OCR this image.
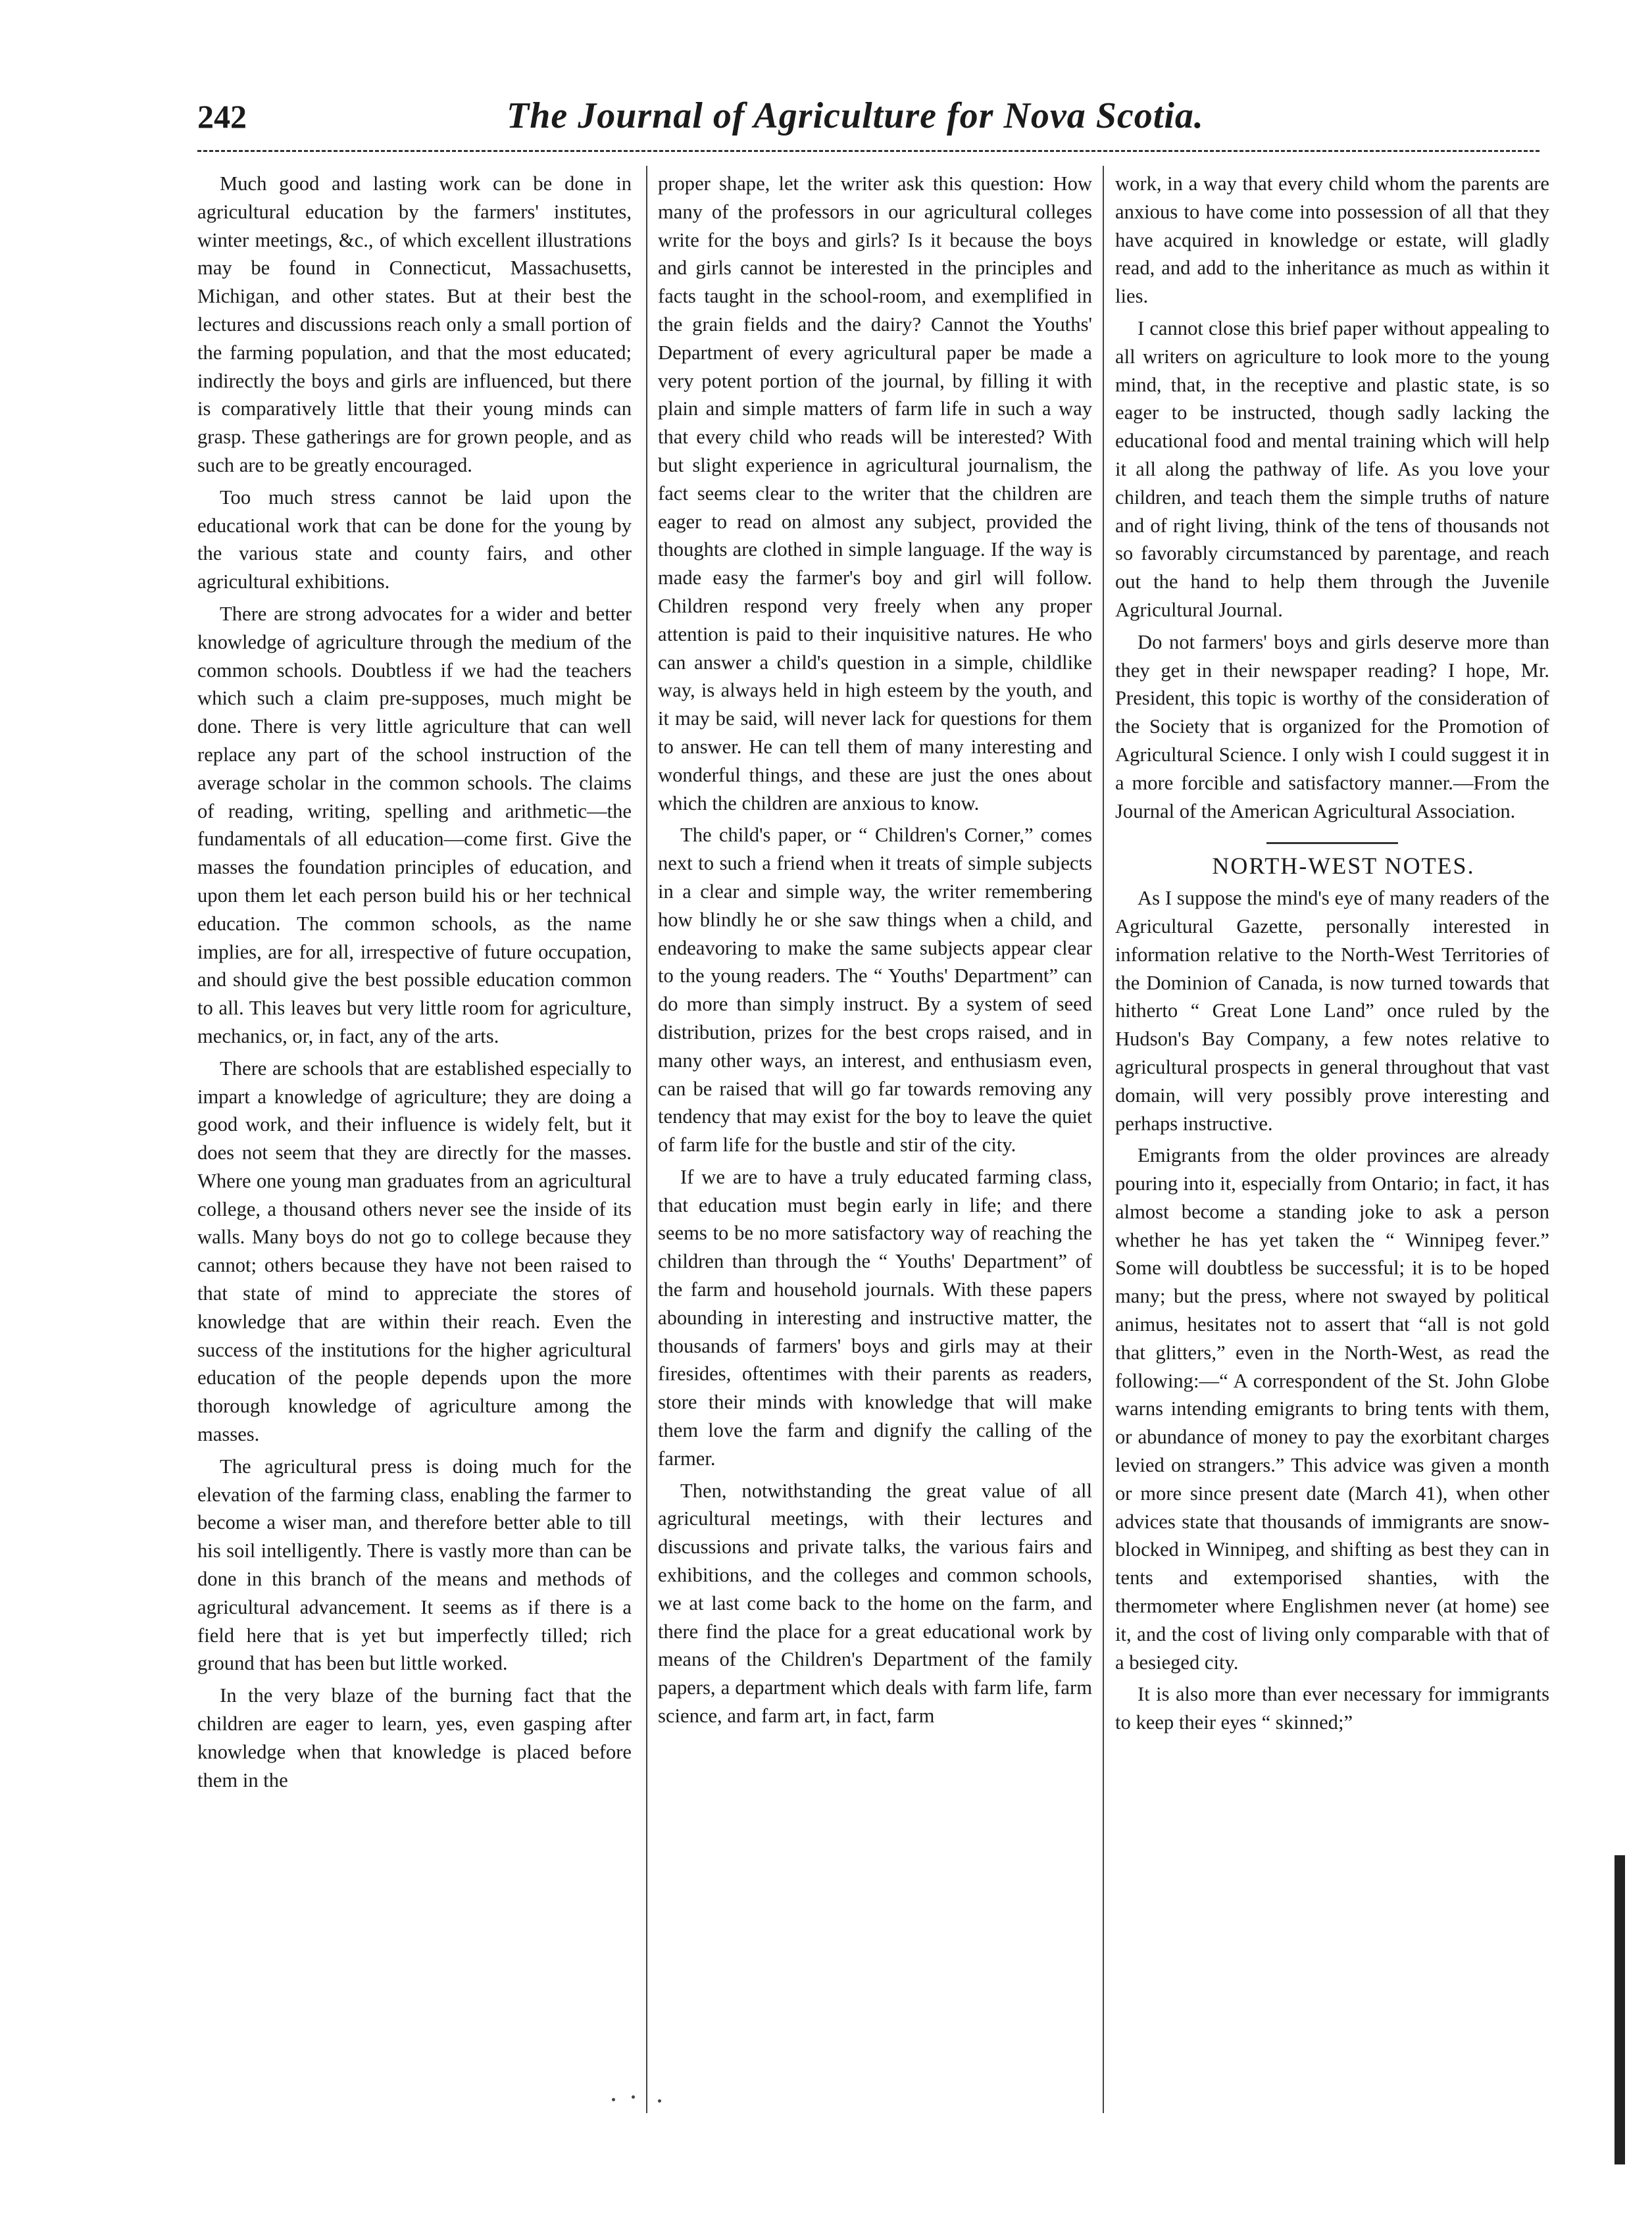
242	The Journal of Agriculture for Nova Scotia.

Much good and lasting work can be done in agricultural education by the farmers' institutes, winter meetings, &c., of which excellent illustrations may be found in Connecticut, Massachusetts, Michigan, and other states. But at their best the lectures and discussions reach only a small portion of the farming population, and that the most educated; indirectly the boys and girls are influenced, but there is comparatively little that their young minds can grasp. These gatherings are for grown people, and as such are to be greatly encouraged.

Too much stress cannot be laid upon the educational work that can be done for the young by the various state and county fairs, and other agricultural exhibitions.

There are strong advocates for a wider and better knowledge of agriculture through the medium of the common schools. Doubtless if we had the teachers which such a claim pre-supposes, much might be done. There is very little agriculture that can well replace any part of the school instruction of the average scholar in the common schools. The claims of reading, writing, spelling and arithmetic—the fundamentals of all education—come first. Give the masses the foundation principles of education, and upon them let each person build his or her technical education. The common schools, as the name implies, are for all, irrespective of future occupation, and should give the best possible education common to all. This leaves but very little room for agriculture, mechanics, or, in fact, any of the arts.

There are schools that are established especially to impart a knowledge of agriculture; they are doing a good work, and their influence is widely felt, but it does not seem that they are directly for the masses. Where one young man graduates from an agricultural college, a thousand others never see the inside of its walls. Many boys do not go to college because they cannot; others because they have not been raised to that state of mind to appreciate the stores of knowledge that are within their reach. Even the success of the institutions for the higher agricultural education of the people depends upon the more thorough knowledge of agriculture among the masses.

The agricultural press is doing much for the elevation of the farming class, enabling the farmer to become a wiser man, and therefore better able to till his soil intelligently. There is vastly more than can be done in this branch of the means and methods of agricultural advancement. It seems as if there is a field here that is yet but imperfectly tilled; rich ground that has been but little worked.

In the very blaze of the burning fact that the children are eager to learn, yes, even gasping after knowledge when that knowledge is placed before them in the

proper shape, let the writer ask this question: How many of the professors in our agricultural colleges write for the boys and girls? Is it because the boys and girls cannot be interested in the principles and facts taught in the school-room, and exemplified in the grain fields and the dairy? Cannot the Youths' Department of every agricultural paper be made a very potent portion of the journal, by filling it with plain and simple matters of farm life in such a way that every child who reads will be interested? With but slight experience in agricultural journalism, the fact seems clear to the writer that the children are eager to read on almost any subject, provided the thoughts are clothed in simple language. If the way is made easy the farmer's boy and girl will follow. Children respond very freely when any proper attention is paid to their inquisitive natures. He who can answer a child's question in a simple, childlike way, is always held in high esteem by the youth, and it may be said, will never lack for questions for them to answer. He can tell them of many interesting and wonderful things, and these are just the ones about which the children are anxious to know.

The child's paper, or “ Children's Corner,” comes next to such a friend when it treats of simple subjects in a clear and simple way, the writer remembering how blindly he or she saw things when a child, and endeavoring to make the same subjects appear clear to the young readers. The “ Youths' Department” can do more than simply instruct. By a system of seed distribution, prizes for the best crops raised, and in many other ways, an interest, and enthusiasm even, can be raised that will go far towards removing any tendency that may exist for the boy to leave the quiet of farm life for the bustle and stir of the city.

If we are to have a truly educated farming class, that education must begin early in life; and there seems to be no more satisfactory way of reaching the children than through the “ Youths' Department” of the farm and household journals. With these papers abounding in interesting and instructive matter, the thousands of farmers' boys and girls may at their firesides, oftentimes with their parents as readers, store their minds with knowledge that will make them love the farm and dignify the calling of the farmer.

Then, notwithstanding the great value of all agricultural meetings, with their lectures and discussions and private talks, the various fairs and exhibitions, and the colleges and common schools, we at last come back to the home on the farm, and there find the place for a great educational work by means of the Children's Department of the family papers, a department which deals with farm life, farm science, and farm art, in fact, farm

work, in a way that every child whom the parents are anxious to have come into possession of all that they have acquired in knowledge or estate, will gladly read, and add to the inheritance as much as within it lies.

I cannot close this brief paper without appealing to all writers on agriculture to look more to the young mind, that, in the receptive and plastic state, is so eager to be instructed, though sadly lacking the educational food and mental training which will help it all along the pathway of life. As you love your children, and teach them the simple truths of nature and of right living, think of the tens of thousands not so favorably circumstanced by parentage, and reach out the hand to help them through the Juvenile Agricultural Journal.

Do not farmers' boys and girls deserve more than they get in their newspaper reading? I hope, Mr. President, this topic is worthy of the consideration of the Society that is organized for the Promotion of Agricultural Science. I only wish I could suggest it in a more forcible and satisfactory manner.—From the Journal of the American Agricultural Association.

NORTH-WEST NOTES.

As I suppose the mind's eye of many readers of the Agricultural Gazette, personally interested in information relative to the North-West Territories of the Dominion of Canada, is now turned towards that hitherto “ Great Lone Land” once ruled by the Hudson's Bay Company, a few notes relative to agricultural prospects in general throughout that vast domain, will very possibly prove interesting and perhaps instructive.

Emigrants from the older provinces are already pouring into it, especially from Ontario; in fact, it has almost become a standing joke to ask a person whether he has yet taken the “ Winnipeg fever.” Some will doubtless be successful; it is to be hoped many; but the press, where not swayed by political animus, hesitates not to assert that “all is not gold that glitters,” even in the North-West, as read the following:—“ A correspondent of the St. John Globe warns intending emigrants to bring tents with them, or abundance of money to pay the exorbitant charges levied on strangers.” This advice was given a month or more since present date (March 41), when other advices state that thousands of immigrants are snow-blocked in Winnipeg, and shifting as best they can in tents and extemporised shanties, with the thermometer where Englishmen never (at home) see it, and the cost of living only comparable with that of a besieged city.

It is also more than ever necessary for immigrants to keep their eyes “ skinned;”
